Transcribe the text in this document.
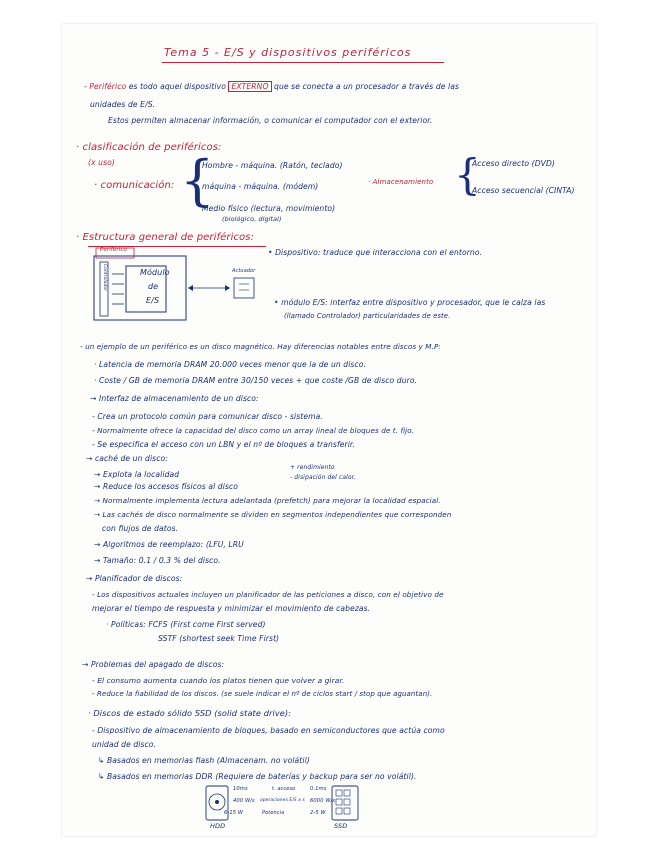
Tema 5 - E/S y dispositivos periféricos
- Periférico es todo aquel dispositivo EXTERNO que se conecta a un procesador a través de las
unidades de E/S.
Estos permiten almacenar información, o comunicar el computador con el exterior.
· clasificación de periféricos:
(x uso)
· comunicación: {
Hombre - máquina. (Ratón, teclado)
máquina - máquina. (módem)
Medio físico (lectura, movimiento)
(biológico, digital)
· Almacenamiento {
Acceso directo (DVD)
Acceso secuencial (CINTA)
· Estructura general de periféricos:
Periférico
Controlador	Módulo
de
E/S
Actuador
• Dispositivo: traduce que interacciona con el entorno.
• módulo E/S: interfaz entre dispositivo y procesador, que le calza las
(llamado Controlador) particularidades de este.
- un ejemplo de un periférico es un disco magnético. Hay diferencias notables entre discos y M.P:
· Latencia de memoria DRAM 20.000 veces menor que la de un disco.
· Coste / GB de memoria DRAM entre 30/150 veces + que coste /GB de disco duro.
→ Interfaz de almacenamiento de un disco:
- Crea un protocolo común para comunicar disco - sistema.
- Normalmente ofrece la capacidad del disco como un array lineal de bloques de t. fijo.
- Se especifica el acceso con un LBN y el nº de bloques a transferir.
→ caché de un disco:
→ Explota la localidad
→ Reduce los accesos físicos al disco
+ rendimiento
- disipación del calor.
→ Normalmente implementa lectura adelantada (prefetch) para mejorar la localidad espacial.
→ Las cachés de disco normalmente se dividen en segmentos independientes que corresponden
con flujos de datos.
→ Algoritmos de reemplazo: (LFU, LRU
→ Tamaño: 0.1 / 0.3 % del disco.
→ Planificador de discos:
- Los dispositivos actuales incluyen un planificador de las peticiones a disco, con el objetivo de
mejorar el tiempo de respuesta y minimizar el movimiento de cabezas.
· Políticas: FCFS (First come First served)
SSTF (shortest seek Time First)
→ Problemas del apagado de discos:
- El consumo aumenta cuando los platos tienen que volver a girar.
- Reduce la fiabilidad de los discos. (se suele indicar el nº de ciclos start / stop que aguantan).
· Discos de estado sólido SSD (solid state drive):
- Dispositivo de almacenamiento de bloques, basado en semiconductores que actúa como
unidad de disco.
↳ Basados en memorias flash (Almacenam. no volátil)
↳ Basados en memorias DDR (Requiere de baterías y backup para ser no volátil).
10ms	t. acceso	0.1ms
400 W/s operaciones E/S x s 6000 W/s
6-15 W	Potencia	2-5 W
HDD	SSD
